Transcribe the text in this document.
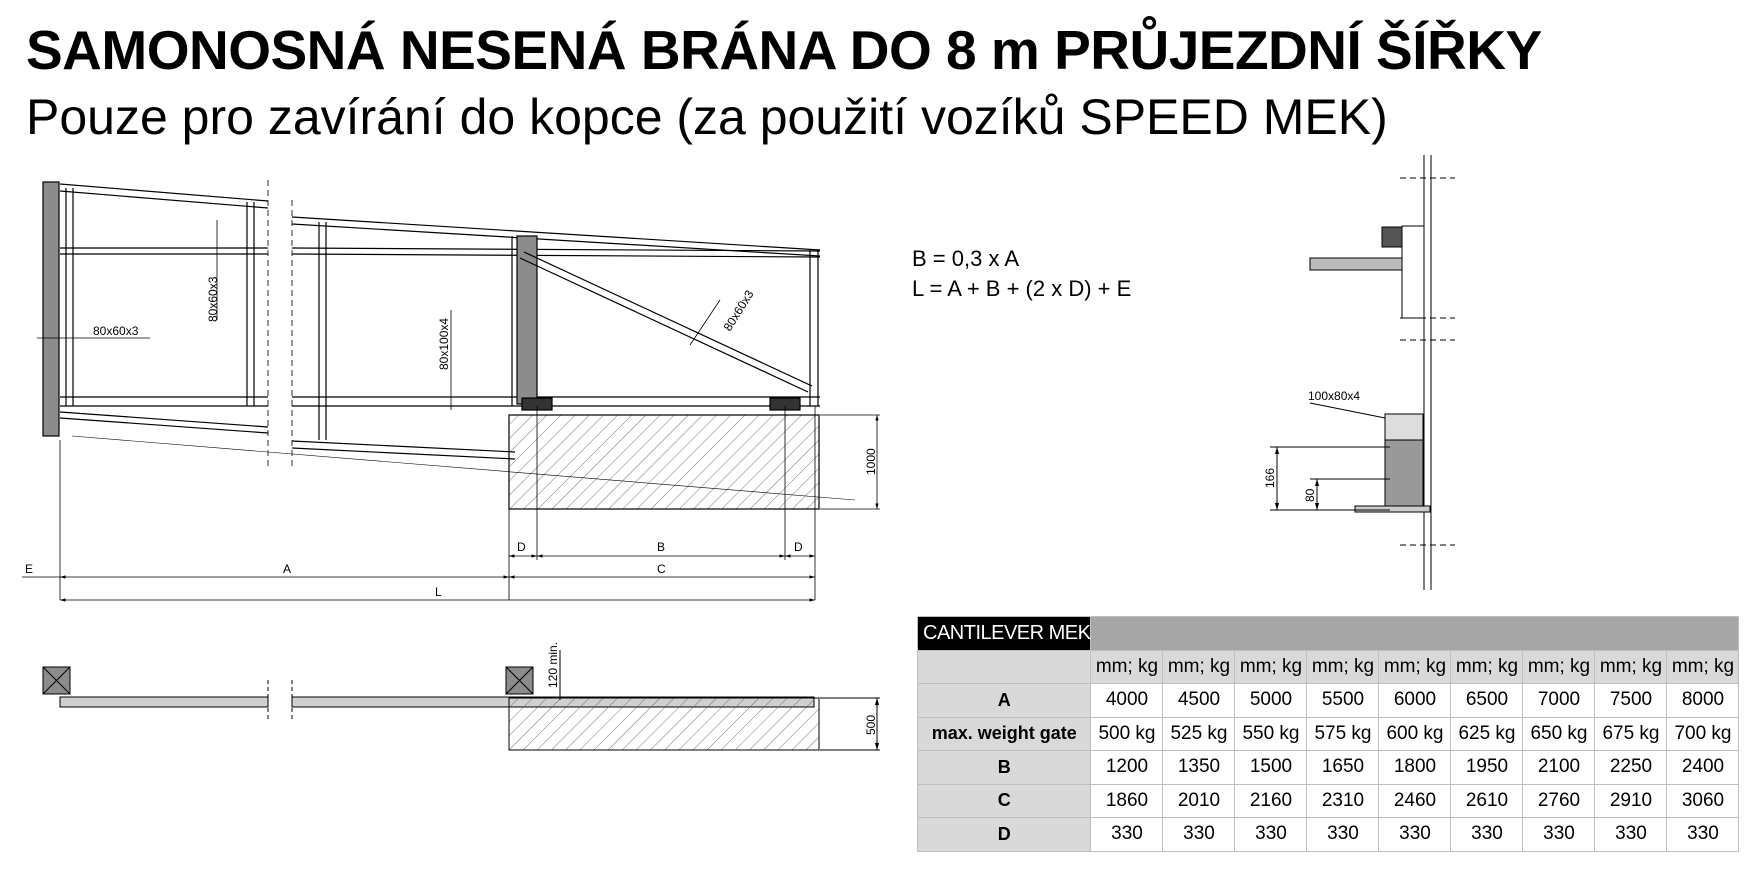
SAMONOSNÁ NESENÁ BRÁNA DO 8 m PRŮJEZDNÍ ŠÍŘKY
Pouze pro zavírání do kopce (za použití vozíků SPEED MEK)
B = 0,3 x A
L = A + B + (2 x D) + E
80x60x3
80x60x3	80x100x4
80x60x3
1000
E	A
L
C
D	B	D
120 min.
500
100x80x4
166
80
CANTILEVER MEK									
	mm; kg	mm; kg	mm; kg	mm; kg	mm; kg	mm; kg	mm; kg	mm; kg	mm; kg
A	4000	4500	5000	5500	6000	6500	7000	7500	8000
max. weight gate	500 kg	525 kg	550 kg	575 kg	600 kg	625 kg	650 kg	675 kg	700 kg
B	1200	1350	1500	1650	1800	1950	2100	2250	2400
C	1860	2010	2160	2310	2460	2610	2760	2910	3060
D	330	330	330	330	330	330	330	330	330
